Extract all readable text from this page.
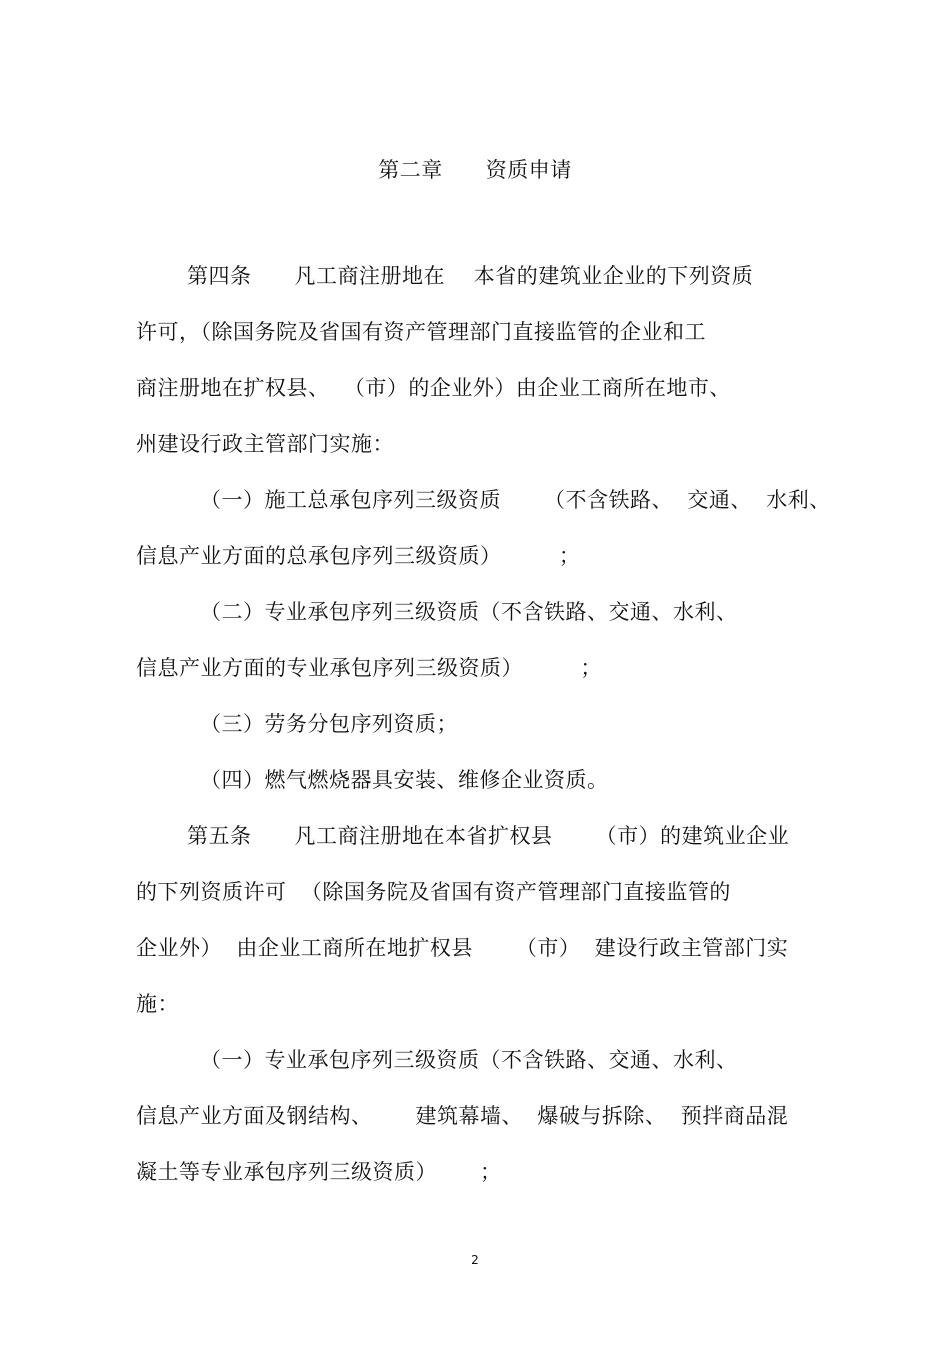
第二章      资质申请
第四条      凡工商注册地在    本省的建筑业企业的下列资质
许可，（除国务院及省国有资产管理部门直接监管的企业和工
商注册地在扩权县、  （市）的企业外）由企业工商所在地市、
州建设行政主管部门实施：
（一）施工总承包序列三级资质      （不含铁路、  交通、  水利、
信息产业方面的总承包序列三级资质）        ；
（二）专业承包序列三级资质（不含铁路、交通、水利、
信息产业方面的专业承包序列三级资质）        ；
（三）劳务分包序列资质；
（四）燃气燃烧器具安装、维修企业资质。
第五条      凡工商注册地在本省扩权县      （市）的建筑业企业
的下列资质许可  （除国务院及省国有资产管理部门直接监管的
企业外）  由企业工商所在地扩权县      （市）  建设行政主管部门实
施：
（一）专业承包序列三级资质（不含铁路、交通、水利、
信息产业方面及钢结构、      建筑幕墙、  爆破与拆除、  预拌商品混
凝土等专业承包序列三级资质）      ；
2
